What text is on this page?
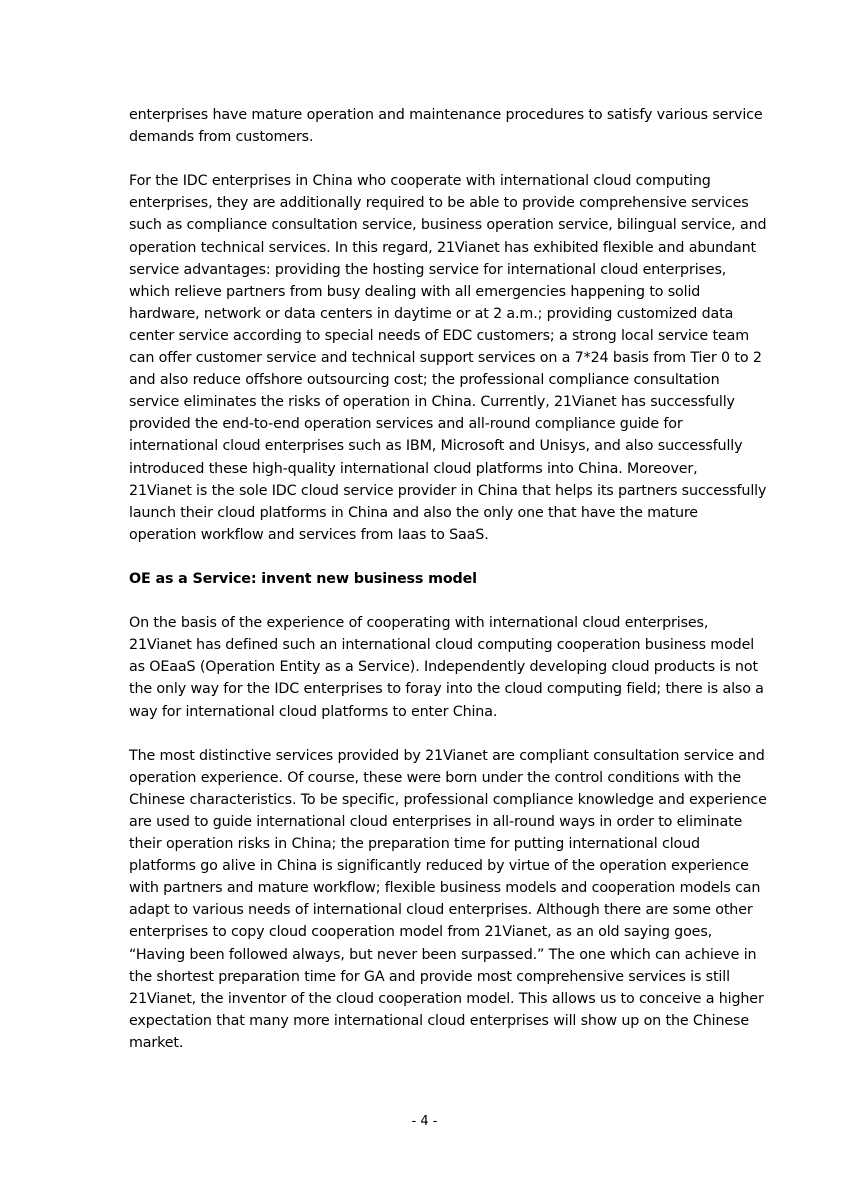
enterprises have mature operation and maintenance procedures to satisfy various service
demands from customers.

For the IDC enterprises in China who cooperate with international cloud computing
enterprises, they are additionally required to be able to provide comprehensive services
such as compliance consultation service, business operation service, bilingual service, and
operation technical services. In this regard, 21Vianet has exhibited flexible and abundant
service advantages: providing the hosting service for international cloud enterprises,
which relieve partners from busy dealing with all emergencies happening to solid
hardware, network or data centers in daytime or at 2 a.m.; providing customized data
center service according to special needs of EDC customers; a strong local service team
can offer customer service and technical support services on a 7*24 basis from Tier 0 to 2
and also reduce offshore outsourcing cost; the professional compliance consultation
service eliminates the risks of operation in China. Currently, 21Vianet has successfully
provided the end-to-end operation services and all-round compliance guide for
international cloud enterprises such as IBM, Microsoft and Unisys, and also successfully
introduced these high-quality international cloud platforms into China. Moreover,
21Vianet is the sole IDC cloud service provider in China that helps its partners successfully
launch their cloud platforms in China and also the only one that have the mature
operation workflow and services from Iaas to SaaS.

OE as a Service: invent new business model

On the basis of the experience of cooperating with international cloud enterprises,
21Vianet has defined such an international cloud computing cooperation business model
as OEaaS (Operation Entity as a Service). Independently developing cloud products is not
the only way for the IDC enterprises to foray into the cloud computing field; there is also a
way for international cloud platforms to enter China.

The most distinctive services provided by 21Vianet are compliant consultation service and
operation experience. Of course, these were born under the control conditions with the
Chinese characteristics. To be specific, professional compliance knowledge and experience
are used to guide international cloud enterprises in all-round ways in order to eliminate
their operation risks in China; the preparation time for putting international cloud
platforms go alive in China is significantly reduced by virtue of the operation experience
with partners and mature workflow; flexible business models and cooperation models can
adapt to various needs of international cloud enterprises. Although there are some other
enterprises to copy cloud cooperation model from 21Vianet, as an old saying goes,
“Having been followed always, but never been surpassed.” The one which can achieve in
the shortest preparation time for GA and provide most comprehensive services is still
21Vianet, the inventor of the cloud cooperation model. This allows us to conceive a higher
expectation that many more international cloud enterprises will show up on the Chinese
market.

- 4 -
